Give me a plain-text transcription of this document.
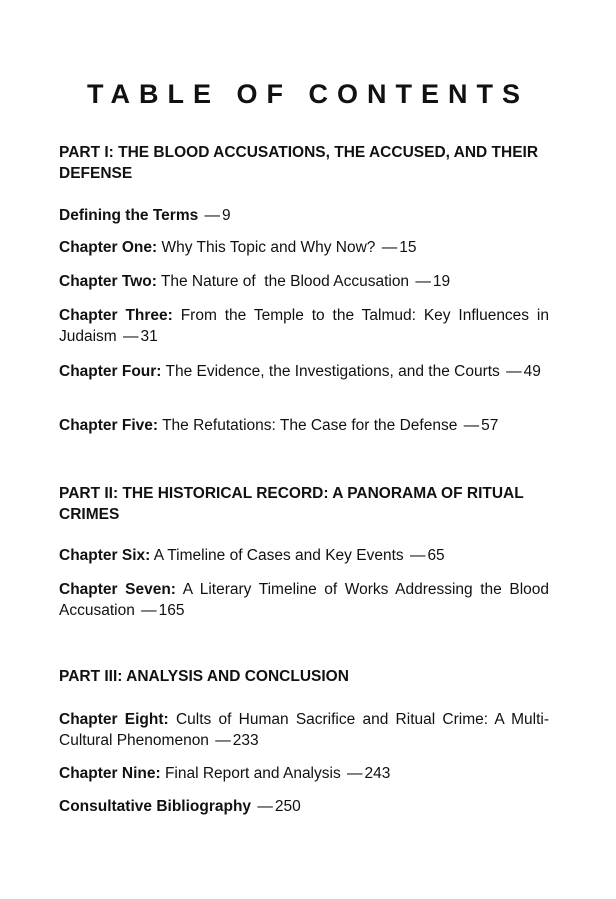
TABLE OF CONTENTS
PART I: THE BLOOD ACCUSATIONS, THE ACCUSED, AND THEIR DEFENSE
Defining the Terms — 9
Chapter One: Why This Topic and Why Now? — 15
Chapter Two: The Nature of  the Blood Accusation — 19
Chapter Three: From the Temple to the Talmud: Key Influences in Judaism — 31
Chapter Four: The Evidence, the Investigations, and the Courts — 49
Chapter Five: The Refutations: The Case for the Defense — 57
PART II: THE HISTORICAL RECORD: A PANORAMA OF RITUAL CRIMES
Chapter Six: A Timeline of Cases and Key Events — 65
Chapter Seven: A Literary Timeline of Works Addressing the Blood Accusation — 165
PART III: ANALYSIS AND CONCLUSION
Chapter Eight: Cults of Human Sacrifice and Ritual Crime: A Multi-Cultural Phenomenon — 233
Chapter Nine: Final Report and Analysis — 243
Consultative Bibliography — 250
